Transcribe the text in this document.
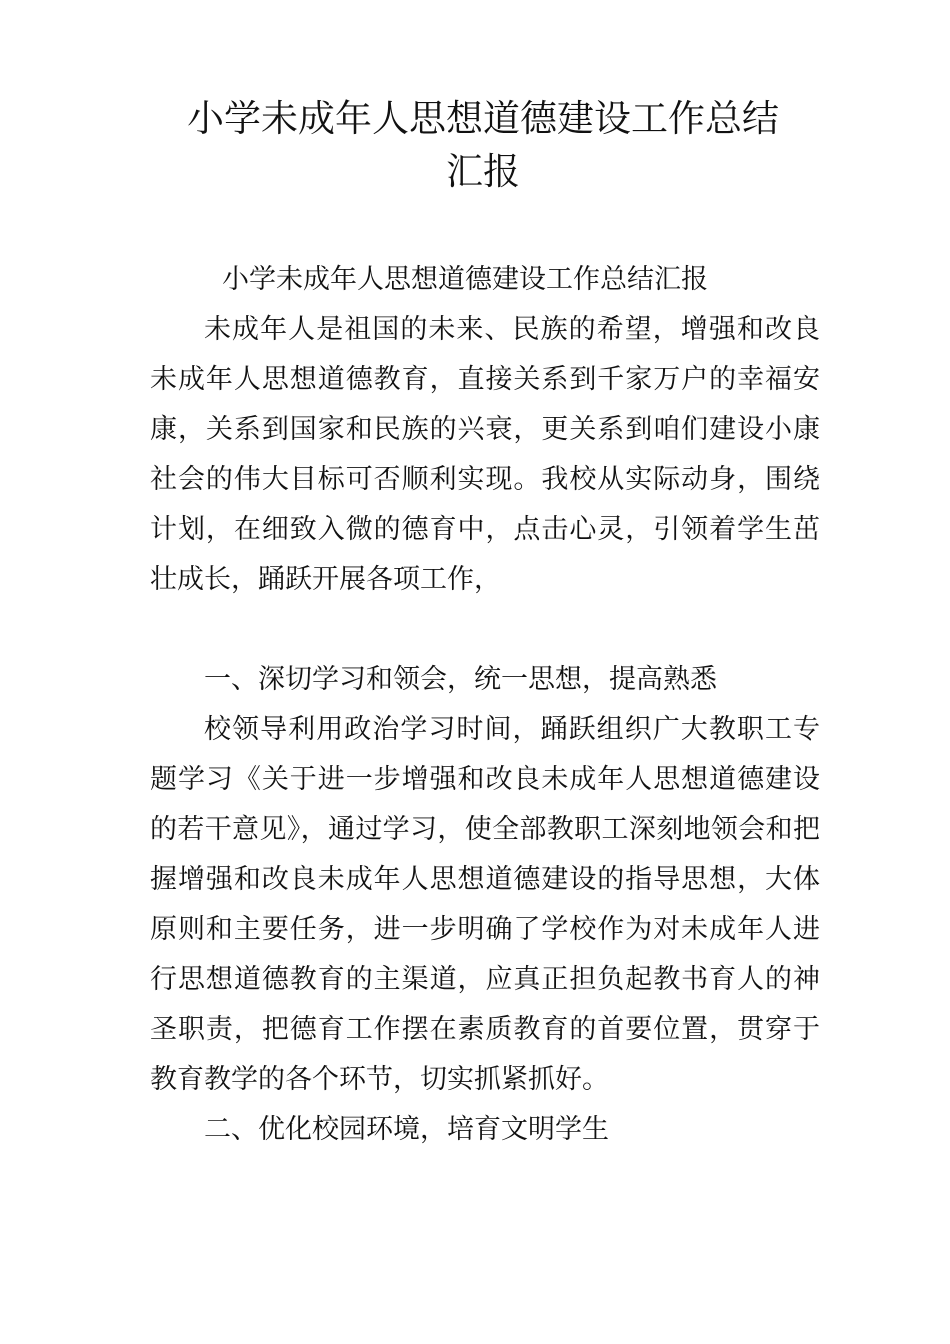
小学未成年人思想道德建设工作总结
汇报

小学未成年人思想道德建设工作总结汇报

未成年人是祖国的未来、民族的希望，增强和改良未成年人思想道德教育，直接关系到千家万户的幸福安康，关系到国家和民族的兴衰，更关系到咱们建设小康社会的伟大目标可否顺利实现。我校从实际动身，围绕计划，在细致入微的德育中，点击心灵，引领着学生茁壮成长，踊跃开展各项工作，

一、深切学习和领会，统一思想，提高熟悉

校领导利用政治学习时间，踊跃组织广大教职工专题学习《关于进一步增强和改良未成年人思想道德建设的若干意见》，通过学习，使全部教职工深刻地领会和把握增强和改良未成年人思想道德建设的指导思想，大体原则和主要任务，进一步明确了学校作为对未成年人进行思想道德教育的主渠道，应真正担负起教书育人的神圣职责，把德育工作摆在素质教育的首要位置，贯穿于教育教学的各个环节，切实抓紧抓好。

二、优化校园环境，培育文明学生
